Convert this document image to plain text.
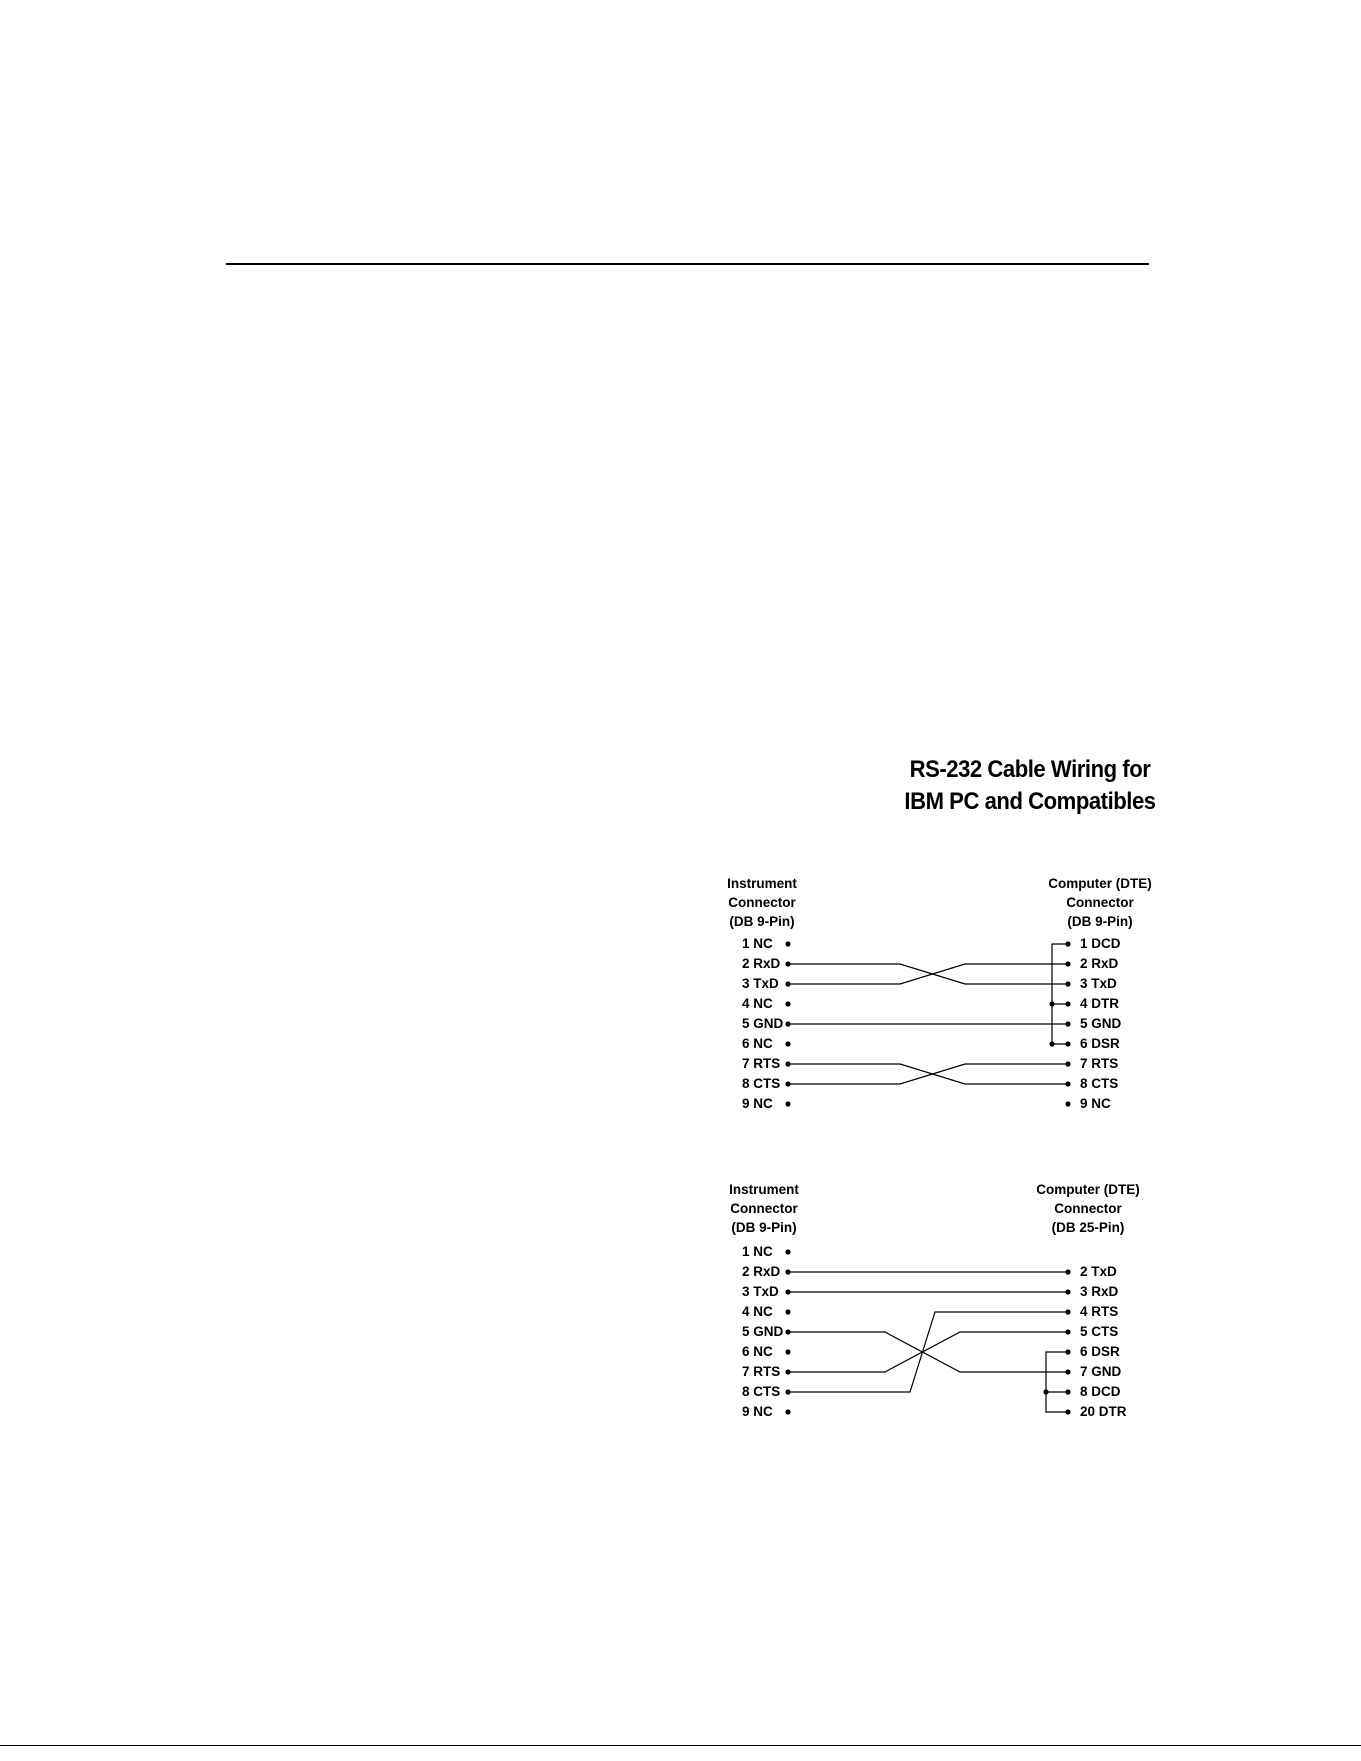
RS-232 Cable Wiring for
IBM PC and Compatibles
Instrument
Connector
(DB 9-Pin)
Computer (DTE)
Connector
(DB 9-Pin)
Instrument
Connector
(DB 9-Pin)
Computer (DTE)
Connector
(DB 25-Pin)
1 NC
2 RxD
3 TxD
4 NC
5 GND
6 NC
7 RTS
8 CTS
9 NC
1 DCD
2 RxD
3 TxD
4 DTR
5 GND
6 DSR
7 RTS
8 CTS
9 NC
1 NC
2 RxD
3 TxD
4 NC
5 GND
6 NC
7 RTS
8 CTS
9 NC
2 TxD
3 RxD
4 RTS
5 CTS
6 DSR
7 GND
8 DCD
20 DTR
